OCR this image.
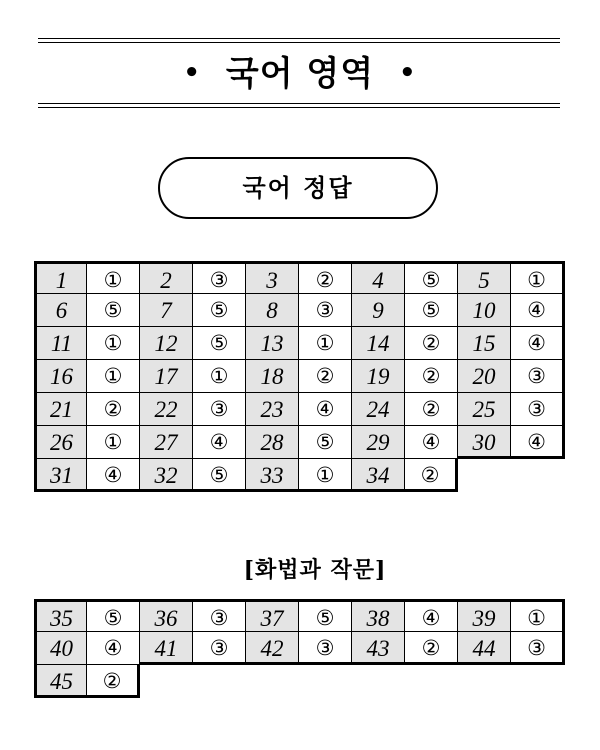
• 국어 영역 •
국어 정답
1	①	2	③	3	②	4	⑤	5	①
6	⑤	7	⑤	8	③	9	⑤	10	④
11	①	12	⑤	13	①	14	②	15	④
16	①	17	①	18	②	19	②	20	③
21	②	22	③	23	④	24	②	25	③
26	①	27	④	28	⑤	29	④	30	④
31	④	32	⑤	33	①	34	②
[화법과 작문]
35	⑤	36	③	37	⑤	38	④	39	①
40	④	41	③	42	③	43	②	44	③
45	②
